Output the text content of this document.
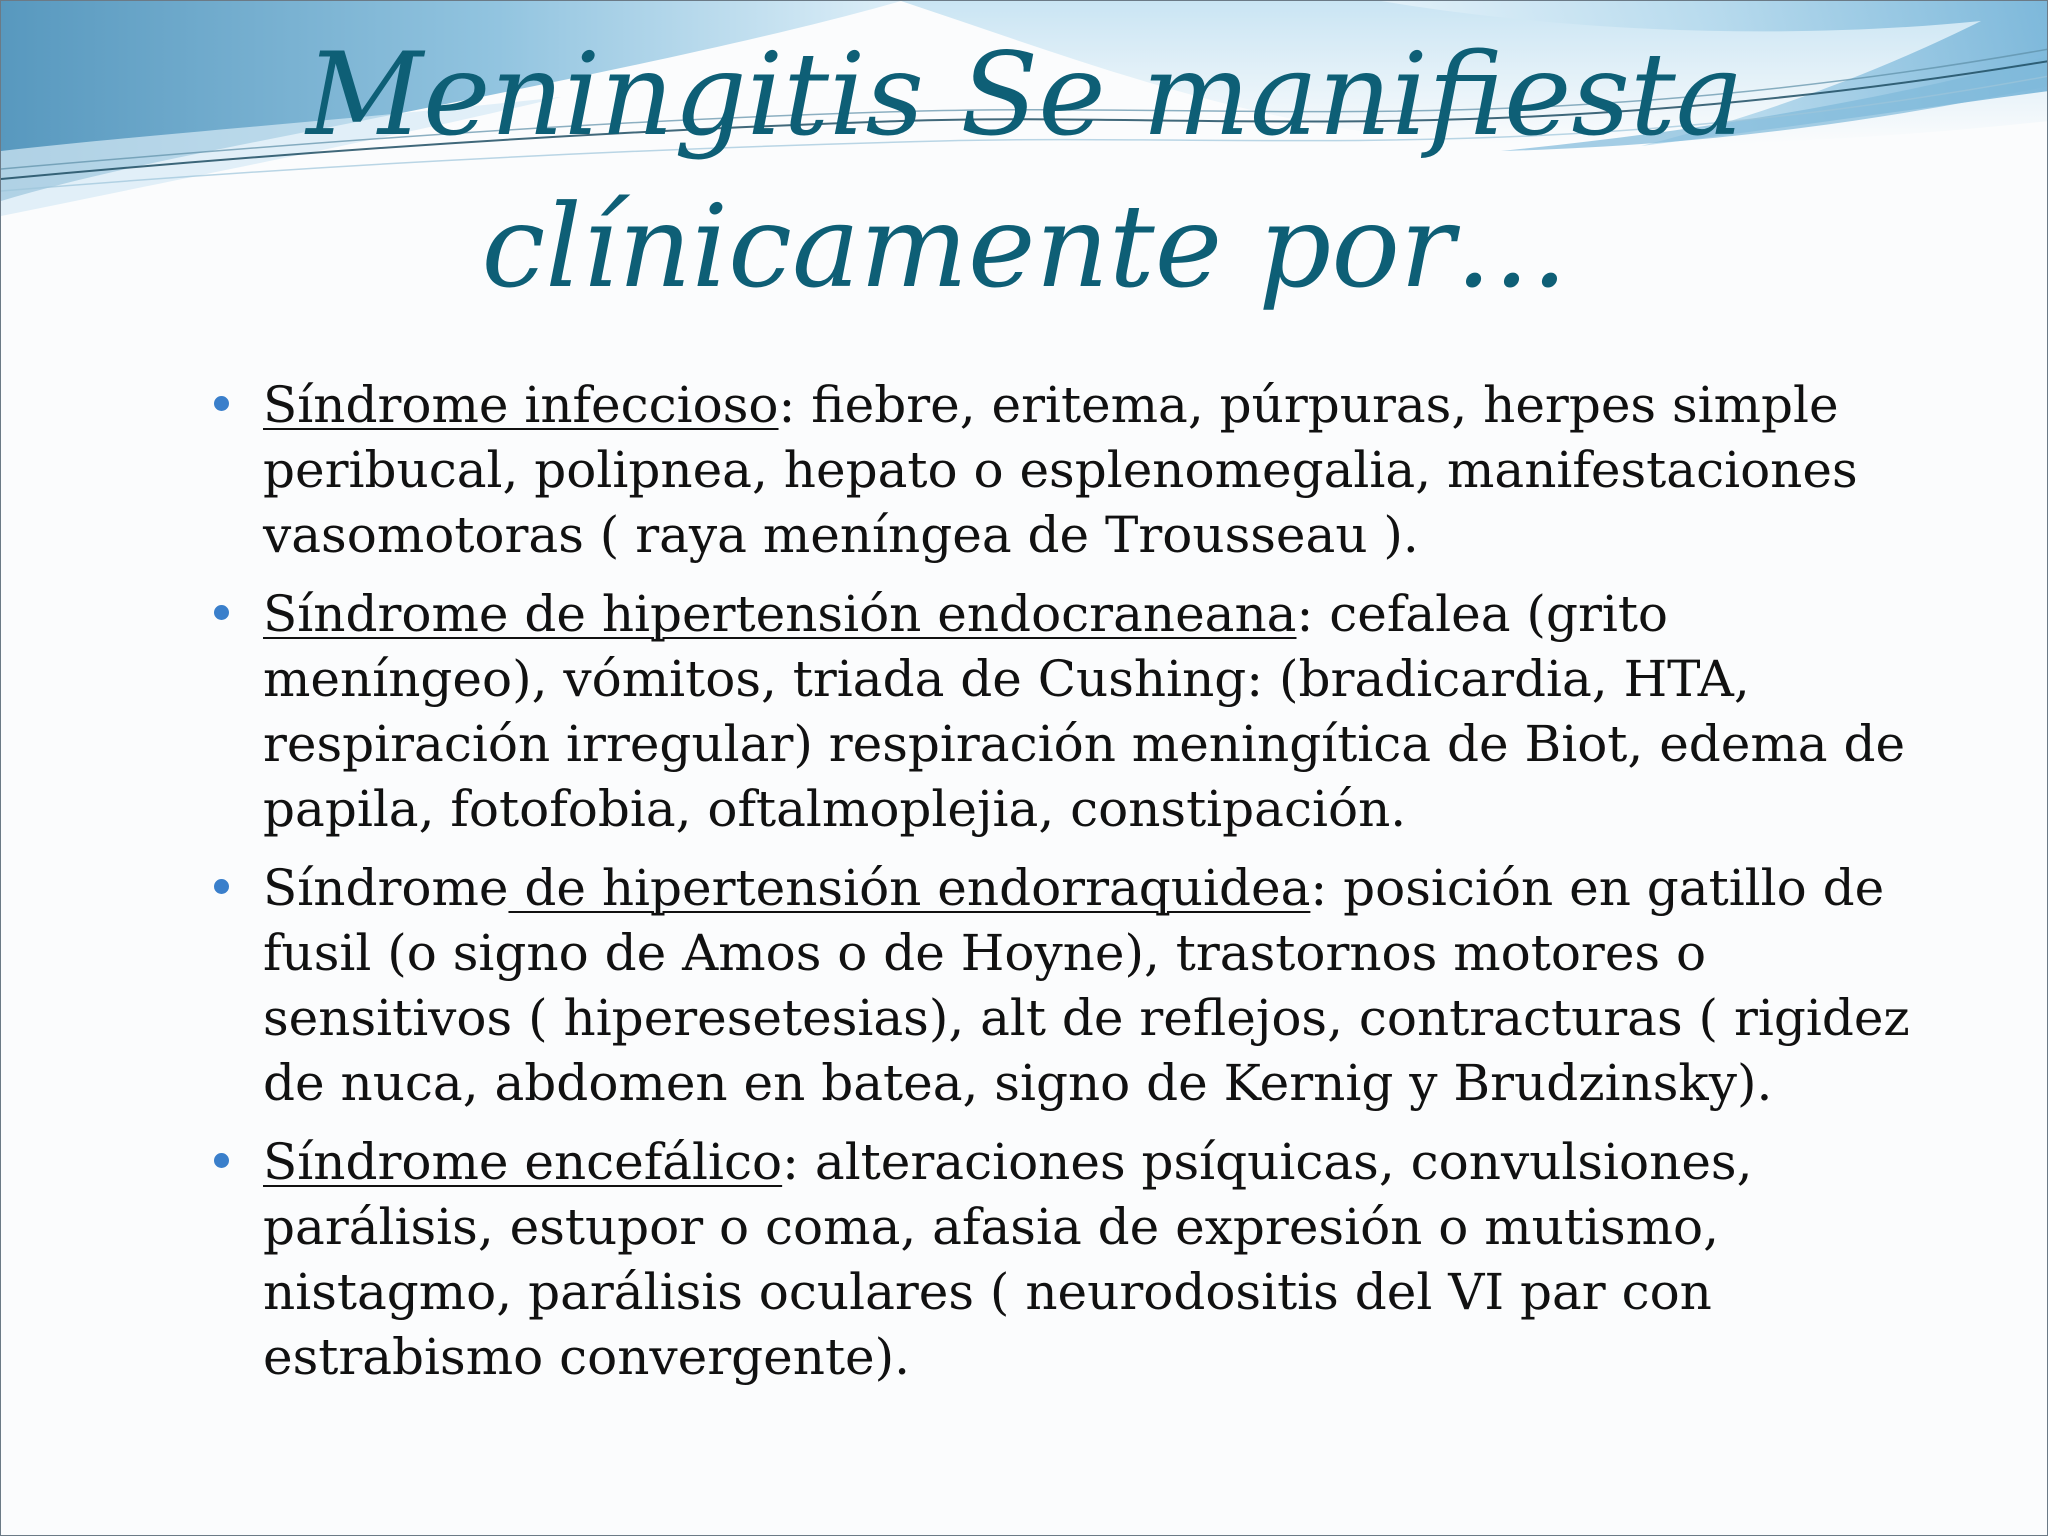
Meningitis Se manifiesta
clínicamente por…
Síndrome infeccioso: fiebre, eritema, púrpuras, herpes simple peribucal, polipnea, hepato o esplenomegalia, manifestaciones vasomotoras ( raya meníngea de Trousseau ).
Síndrome de hipertensión endocraneana: cefalea (grito meníngeo), vómitos, triada de Cushing: (bradicardia, HTA, respiración irregular) respiración meningítica de Biot, edema de papila, fotofobia, oftalmoplejia, constipación.
Síndrome de hipertensión endorraquidea: posición en gatillo de fusil (o signo de Amos o de Hoyne), trastornos motores o sensitivos ( hiperesetesias), alt de reflejos, contracturas ( rigidez de nuca, abdomen en batea, signo de Kernig y Brudzinsky).
Síndrome encefálico: alteraciones psíquicas, convulsiones, parálisis, estupor o coma, afasia de expresión o mutismo, nistagmo, parálisis oculares ( neurodositis del VI par con estrabismo convergente).
